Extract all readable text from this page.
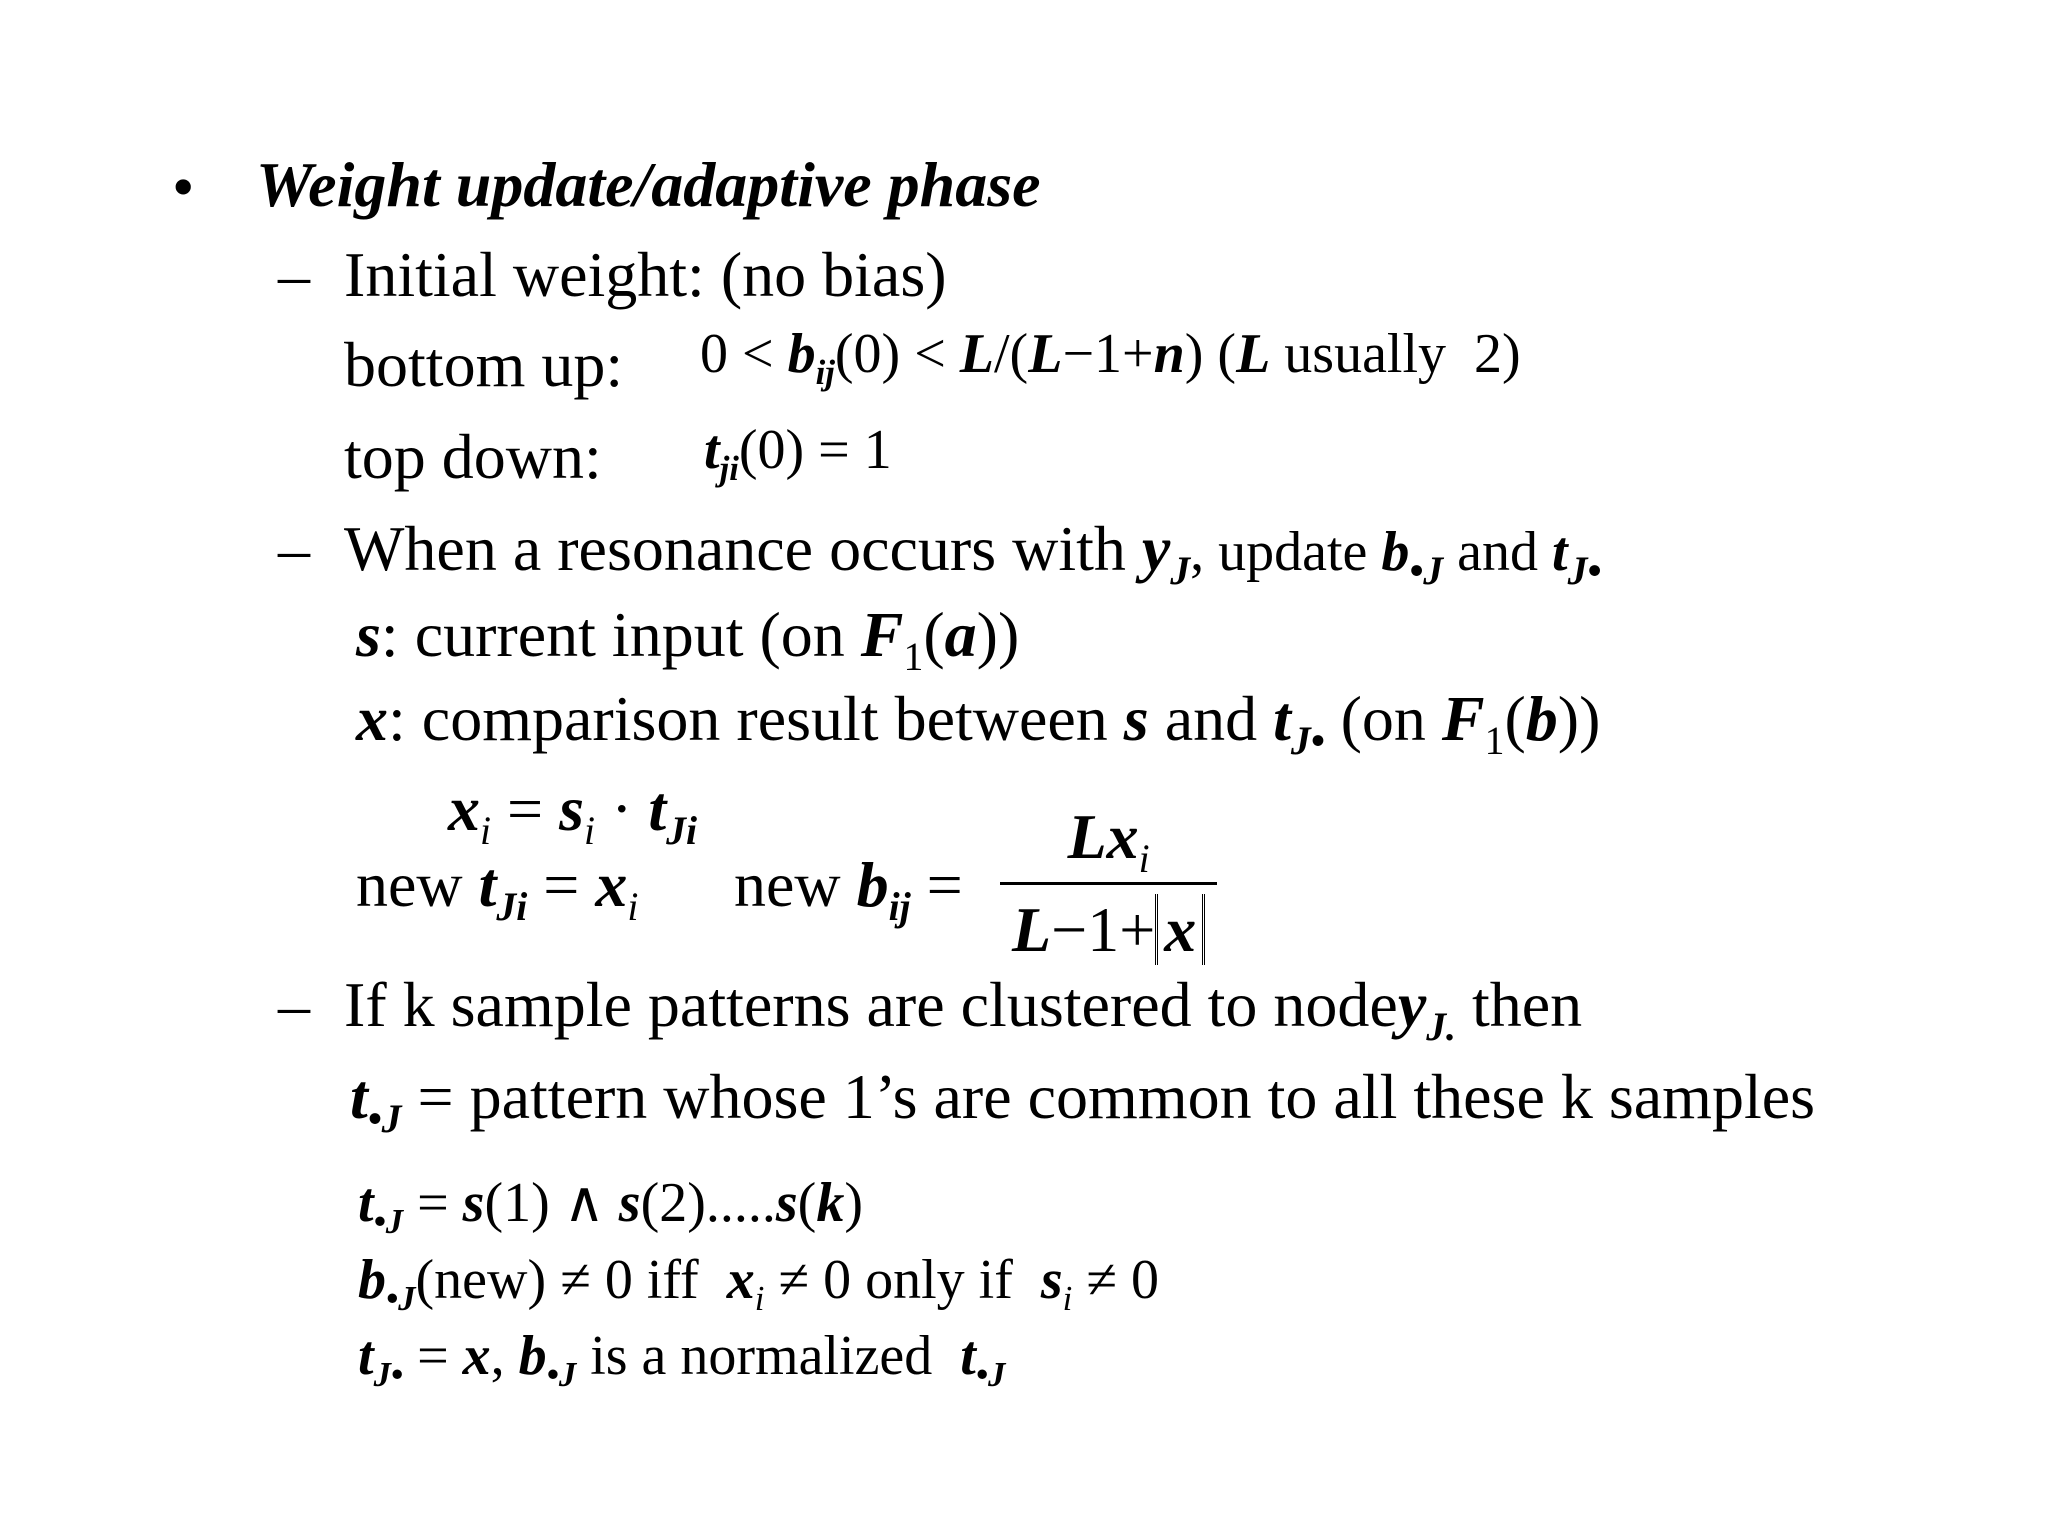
• Weight update/adaptive phase
– Initial weight: (no bias)
bottom up: $0 < b_{ij}(0) < L/(L-1+n)$ (L usually  2)
top down: $t_{ji}(0) = 1$
– When a resonance occurs with $y_J$, update $b_{•J}$ and $t_{J•}$
s: current input (on $F_1(a)$)
x: comparison result between s and $t_{J•}$ (on $F_1(b)$)
$x_i = s_i \cdot t_{Ji}$
new $t_{Ji} = x_i$ new $b_{ij} = \frac{Lx_i}{L-1+ x}$
– If k sample patterns are clustered to nodey$_{J.}$ then
$t_{•J}$ = pattern whose 1’s are common to all these k samples
$t_{•J} = s(1)$ ∧ s(2).....s(k)
$b_{•J}(new) \ne 0$ iff $x_i \ne 0$ only if $s_i \ne 0$
$t_{J•} = x$, $b_{•J}$ is a normalized $t_{•J}$
